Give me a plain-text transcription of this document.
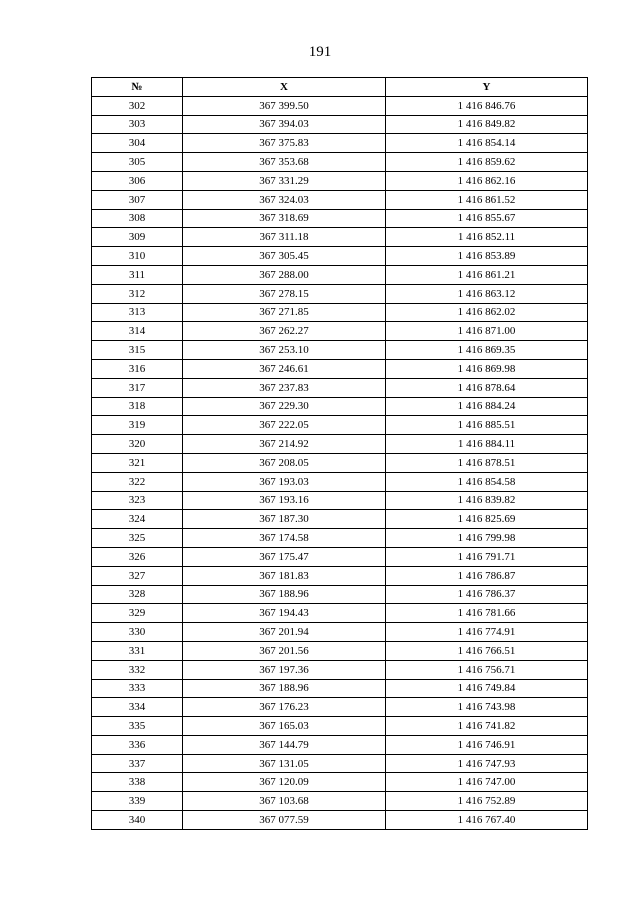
191
№	X	Y
302	367 399.50	1 416 846.76
303	367 394.03	1 416 849.82
304	367 375.83	1 416 854.14
305	367 353.68	1 416 859.62
306	367 331.29	1 416 862.16
307	367 324.03	1 416 861.52
308	367 318.69	1 416 855.67
309	367 311.18	1 416 852.11
310	367 305.45	1 416 853.89
311	367 288.00	1 416 861.21
312	367 278.15	1 416 863.12
313	367 271.85	1 416 862.02
314	367 262.27	1 416 871.00
315	367 253.10	1 416 869.35
316	367 246.61	1 416 869.98
317	367 237.83	1 416 878.64
318	367 229.30	1 416 884.24
319	367 222.05	1 416 885.51
320	367 214.92	1 416 884.11
321	367 208.05	1 416 878.51
322	367 193.03	1 416 854.58
323	367 193.16	1 416 839.82
324	367 187.30	1 416 825.69
325	367 174.58	1 416 799.98
326	367 175.47	1 416 791.71
327	367 181.83	1 416 786.87
328	367 188.96	1 416 786.37
329	367 194.43	1 416 781.66
330	367 201.94	1 416 774.91
331	367 201.56	1 416 766.51
332	367 197.36	1 416 756.71
333	367 188.96	1 416 749.84
334	367 176.23	1 416 743.98
335	367 165.03	1 416 741.82
336	367 144.79	1 416 746.91
337	367 131.05	1 416 747.93
338	367 120.09	1 416 747.00
339	367 103.68	1 416 752.89
340	367 077.59	1 416 767.40
